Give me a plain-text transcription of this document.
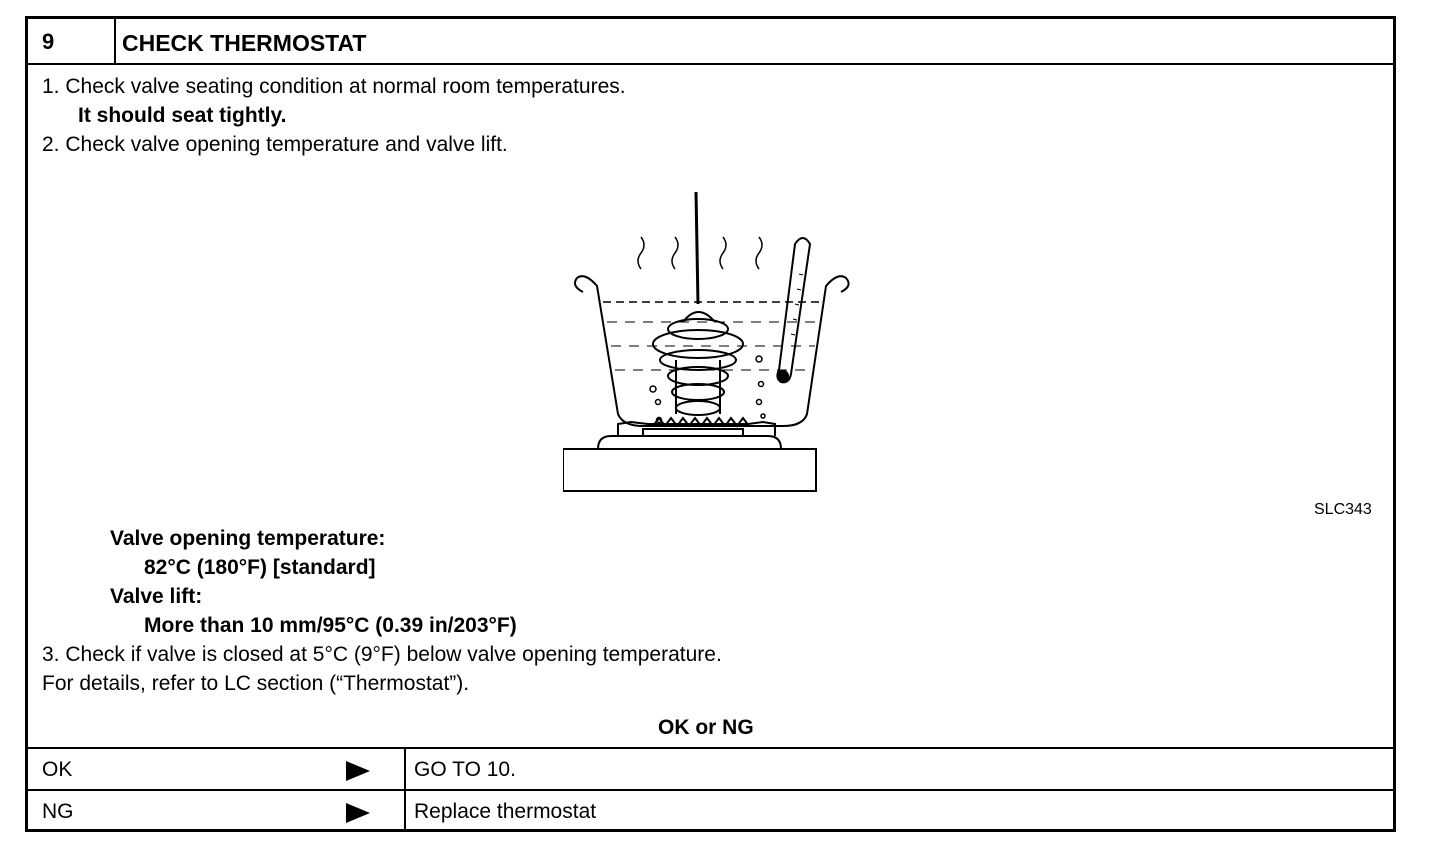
9	CHECK THERMOSTAT
1. Check valve seating condition at normal room temperatures.
It should seat tightly.
2. Check valve opening temperature and valve lift.
SLC343
Valve opening temperature:
82°C (180°F) [standard]
Valve lift:
More than 10 mm/95°C (0.39 in/203°F)
3. Check if valve is closed at 5°C (9°F) below valve opening temperature.
For details, refer to LC section (“Thermostat”).
OK or NG
OK	GO TO 10.
NG	Replace thermostat
